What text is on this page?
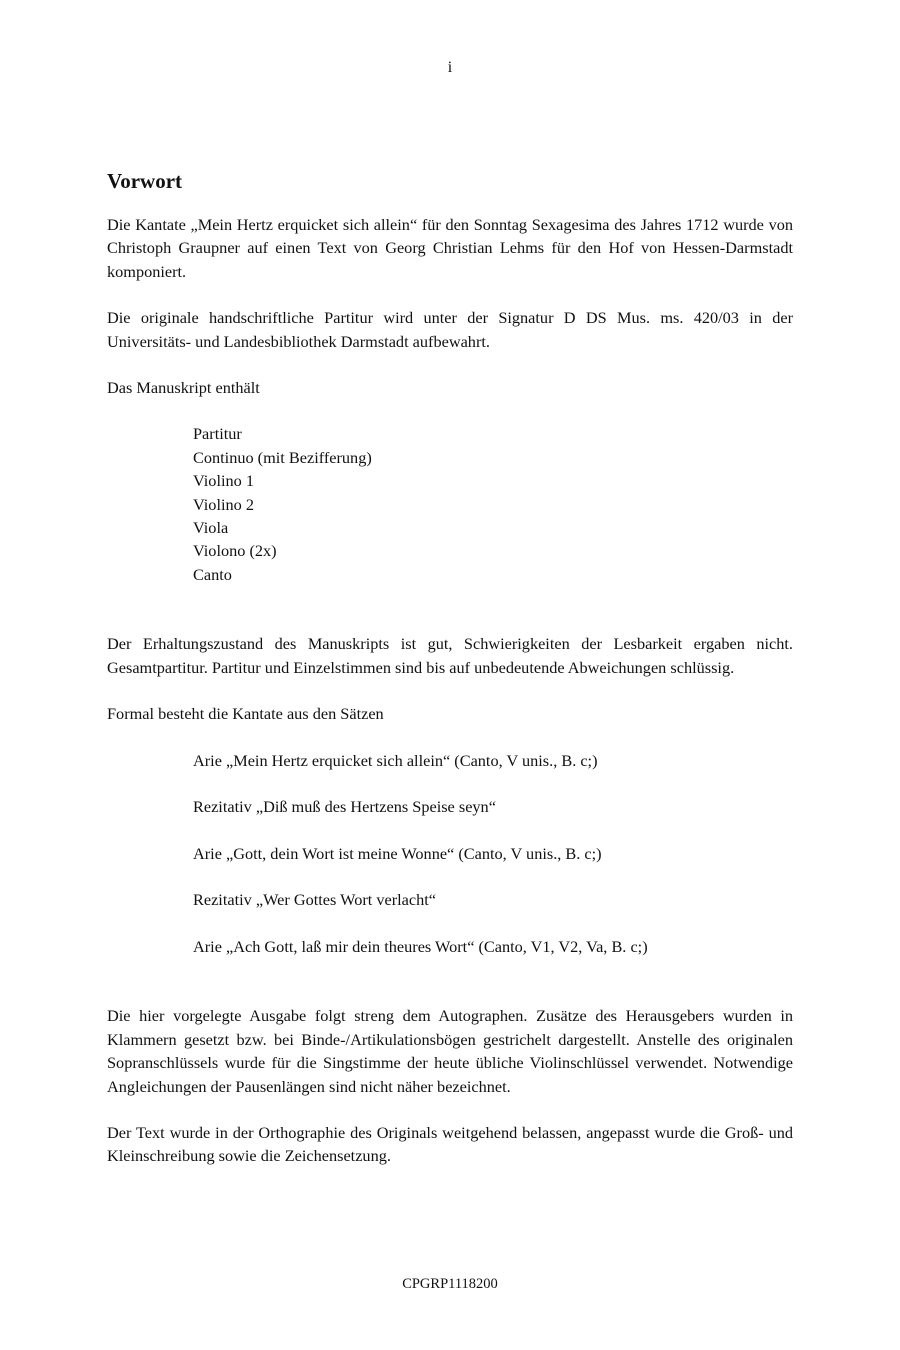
i
Vorwort

Die Kantate „Mein Hertz erquicket sich allein“ für den Sonntag Sexagesima des Jahres 1712 wurde von Christoph Graupner auf einen Text von Georg Christian Lehms für den Hof von Hessen-Darmstadt komponiert.

Die originale handschriftliche Partitur wird unter der Signatur D DS Mus. ms. 420/03 in der Universitäts- und Landesbibliothek Darmstadt aufbewahrt.

Das Manuskript enthält

Partitur
Continuo (mit Bezifferung)
Violino 1
Violino 2
Viola
Violono (2x)
Canto

Der Erhaltungszustand des Manuskripts ist gut, Schwierigkeiten der Lesbarkeit ergaben nicht. Gesamtpartitur. Partitur und Einzelstimmen sind bis auf unbedeutende Abweichungen schlüssig.

Formal besteht die Kantate aus den Sätzen

Arie „Mein Hertz erquicket sich allein“ (Canto, V unis., B. c;)
Rezitativ „Diß muß des Hertzens Speise seyn“
Arie „Gott, dein Wort ist meine Wonne“ (Canto, V unis., B. c;)
Rezitativ „Wer Gottes Wort verlacht“
Arie „Ach Gott, laß mir dein theures Wort“ (Canto, V1, V2, Va, B. c;)

Die hier vorgelegte Ausgabe folgt streng dem Autographen. Zusätze des Herausgebers wurden in Klammern gesetzt bzw. bei Binde-/Artikulationsbögen gestrichelt dargestellt. Anstelle des originalen Sopranschlüssels wurde für die Singstimme der heute übliche Violinschlüssel verwendet. Notwendige Angleichungen der Pausenlängen sind nicht näher bezeichnet.

Der Text wurde in der Orthographie des Originals weitgehend belassen, angepasst wurde die Groß- und Kleinschreibung sowie die Zeichensetzung.

CPGRP1118200
